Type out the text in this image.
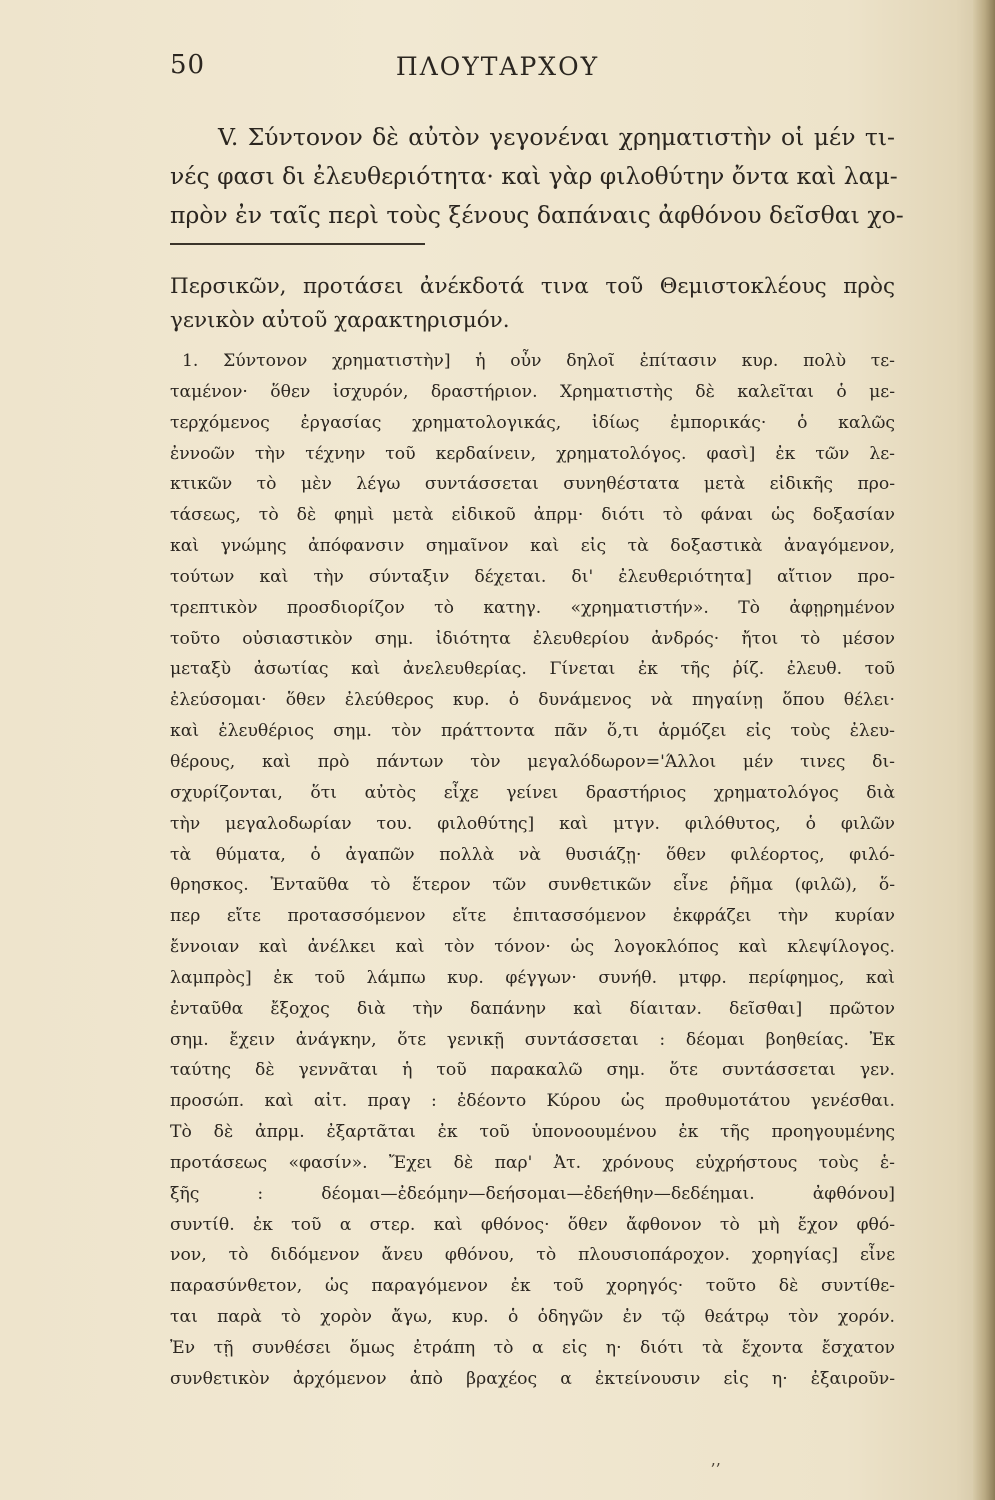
50	ΠΛΟΥΤΑΡΧΟΥ
V. Σύντονον δὲ αὐτὸν γεγονέναι χρηματιστὴν οἱ μέν τι-
νές φασι δι ἐλευθεριότητα· καὶ γὰρ φιλοθύτην ὄντα καὶ λαμ-
πρὸν ἐν ταῖς περὶ τοὺς ξένους δαπάναις ἀφθόνου δεῖσθαι χο-
Περσικῶν, προτάσει ἀνέκδοτά τινα τοῦ Θεμιστοκλέους πρὸς
γενικὸν αὐτοῦ χαρακτηρισμόν.
1. Σύντονον χρηματιστὴν] ἡ οὖν δηλοῖ ἐπίτασιν κυρ. πολὺ τε-
ταμένον· ὅθεν ἰσχυρόν, δραστήριον. Χρηματιστὴς δὲ καλεῖται ὁ με-
τερχόμενος ἐργασίας χρηματολογικάς, ἰδίως ἐμπορικάς· ὁ καλῶς
ἐννοῶν τὴν τέχνην τοῦ κερδαίνειν, χρηματολόγος. φασὶ] ἐκ τῶν λε-
κτικῶν τὸ μὲν λέγω συντάσσεται συνηθέστατα μετὰ εἰδικῆς προ-
τάσεως, τὸ δὲ φημὶ μετὰ εἰδικοῦ ἀπρμ· διότι τὸ φάναι ὡς δοξασίαν
καὶ γνώμης ἀπόφανσιν σημαῖνον καὶ εἰς τὰ δοξαστικὰ ἀναγόμενον,
τούτων καὶ τὴν σύνταξιν δέχεται. δι' ἐλευθεριότητα] αἴτιον προ-
τρεπτικὸν προσδιορίζον τὸ κατηγ. «χρηματιστήν». Τὸ ἀφῃρημένον
τοῦτο οὐσιαστικὸν σημ. ἰδιότητα ἐλευθερίου ἀνδρός· ἤτοι τὸ μέσον
μεταξὺ ἀσωτίας καὶ ἀνελευθερίας. Γίνεται ἐκ τῆς ῥίζ. ἐλευθ. τοῦ
ἐλεύσομαι· ὅθεν ἐλεύθερος κυρ. ὁ δυνάμενος νὰ πηγαίνῃ ὅπου θέλει·
καὶ ἐλευθέριος σημ. τὸν πράττοντα πᾶν ὅ,τι ἁρμόζει εἰς τοὺς ἐλευ-
θέρους, καὶ πρὸ πάντων τὸν μεγαλόδωρον='Άλλοι μέν τινες δι-
σχυρίζονται, ὅτι αὐτὸς εἶχε γείνει δραστήριος χρηματολόγος διὰ
τὴν μεγαλοδωρίαν του. φιλοθύτης] καὶ μτγν. φιλόθυτος, ὁ φιλῶν
τὰ θύματα, ὁ ἀγαπῶν πολλὰ νὰ θυσιάζῃ· ὅθεν φιλέορτος, φιλό-
θρησκος. Ἐνταῦθα τὸ ἕτερον τῶν συνθετικῶν εἶνε ῥῆμα (φιλῶ), ὅ-
περ εἴτε προτασσόμενον εἴτε ἐπιτασσόμενον ἐκφράζει τὴν κυρίαν
ἔννοιαν καὶ ἀνέλκει καὶ τὸν τόνον· ὡς λογοκλόπος καὶ κλεψίλογος.
λαμπρὸς] ἐκ τοῦ λάμπω κυρ. φέγγων· συνήθ. μτφρ. περίφημος, καὶ
ἐνταῦθα ἔξοχος διὰ τὴν δαπάνην καὶ δίαιταν. δεῖσθαι] πρῶτον
σημ. ἔχειν ἀνάγκην, ὅτε γενικῇ συντάσσεται : δέομαι βοηθείας. Ἐκ
ταύτης δὲ γεννᾶται ἡ τοῦ παρακαλῶ σημ. ὅτε συντάσσεται γεν.
προσώπ. καὶ αἰτ. πραγ : ἐδέοντο Κύρου ὡς προθυμοτάτου γενέσθαι.
Τὸ δὲ ἀπρμ. ἐξαρτᾶται ἐκ τοῦ ὑπονοουμένου ἐκ τῆς προηγουμένης
προτάσεως «φασίν». Ἔχει δὲ παρ' Ἀτ. χρόνους εὐχρήστους τοὺς ἑ-
ξῆς : δέομαι—ἐδεόμην—δεήσομαι—ἐδεήθην—δεδέημαι. ἀφθόνου]
συντίθ. ἐκ τοῦ α στερ. καὶ φθόνος· ὅθεν ἄφθονον τὸ μὴ ἔχον φθό-
νον, τὸ διδόμενον ἄνευ φθόνου, τὸ πλουσιοπάροχον. χορηγίας] εἶνε
παρασύνθετον, ὡς παραγόμενον ἐκ τοῦ χορηγός· τοῦτο δὲ συντίθε-
ται παρὰ τὸ χορὸν ἄγω, κυρ. ὁ ὁδηγῶν ἐν τῷ θεάτρῳ τὸν χορόν.
Ἐν τῇ συνθέσει ὅμως ἐτράπη τὸ α εἰς η· διότι τὰ ἔχοντα ἔσχατον
συνθετικὸν ἀρχόμενον ἀπὸ βραχέος α ἐκτείνουσιν εἰς η· ἐξαιροῦν-
ʼʼ
